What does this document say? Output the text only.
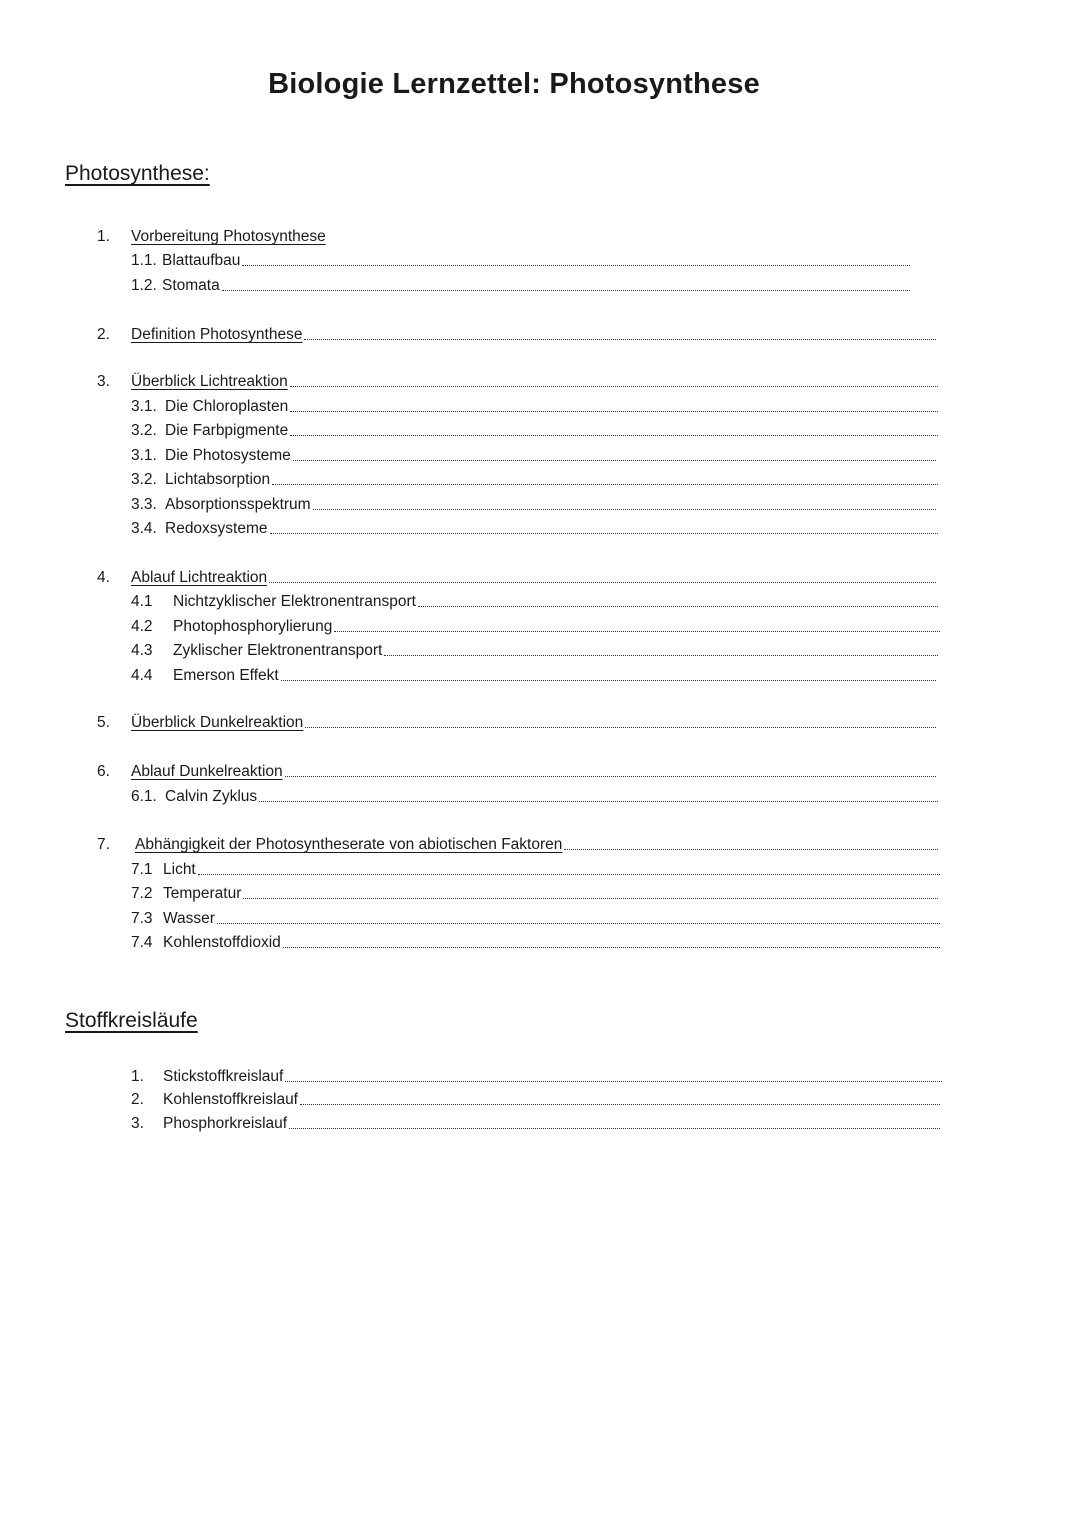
Biologie Lernzettel: Photosynthese
Photosynthese:
Stoffkreisläufe
1. Vorbereitung Photosynthese
1.1. Blattaufbau
1.2. Stomata
2. Definition Photosynthese
3. Überblick Lichtreaktion
3.1. Die Chloroplasten
3.2. Die Farbpigmente
3.1. Die Photosysteme
3.2. Lichtabsorption
3.3. Absorptionsspektrum
3.4. Redoxsysteme
4. Ablauf Lichtreaktion
4.1 Nichtzyklischer Elektronentransport
4.2 Photophosphorylierung
4.3 Zyklischer Elektronentransport
4.4 Emerson Effekt
5. Überblick Dunkelreaktion
6. Ablauf Dunkelreaktion
6.1. Calvin Zyklus
7. Abhängigkeit der Photosyntheserate von abiotischen Faktoren
7.1 Licht
7.2 Temperatur
7.3 Wasser
7.4 Kohlenstoffdioxid
1. Stickstoffkreislauf
2. Kohlenstoffkreislauf
3. Phosphorkreislauf
